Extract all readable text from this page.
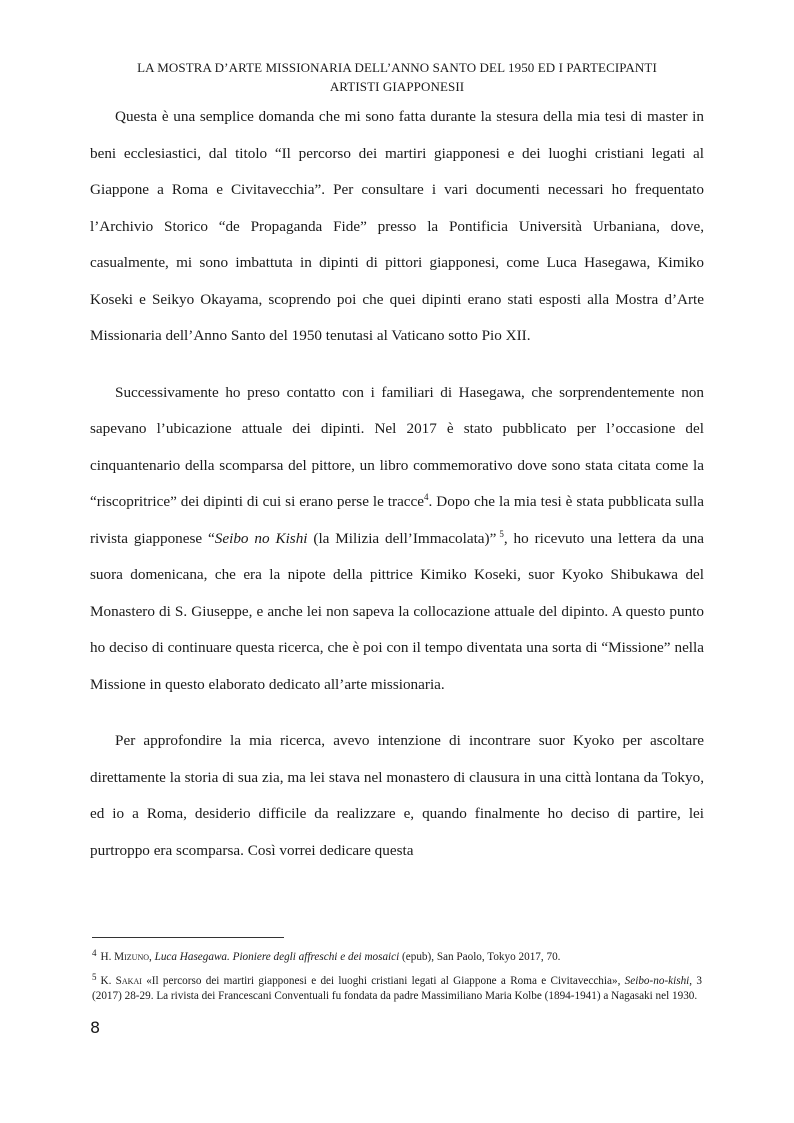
LA MOSTRA D’ARTE MISSIONARIA DELL’ANNO SANTO DEL 1950 ED I PARTECIPANTI
ARTISTI GIAPPONESII

Questa è una semplice domanda che mi sono fatta durante la stesura della mia tesi di master in beni ecclesiastici, dal titolo “Il percorso dei martiri giapponesi e dei luoghi cristiani legati al Giappone a Roma e Civitavecchia”. Per consultare i vari documenti necessari ho frequentato l’Archivio Storico “de Propaganda Fide” presso la Pontificia Università Urbaniana, dove, casualmente, mi sono imbattuta in dipinti di pittori giapponesi, come Luca Hasegawa, Kimiko Koseki e Seikyo Okayama, scoprendo poi che quei dipinti erano stati esposti alla Mostra d’Arte Missionaria dell’Anno Santo del 1950 tenutasi al Vaticano sotto Pio XII.

Successivamente ho preso contatto con i familiari di Hasegawa, che sorprendentemente non sapevano l’ubicazione attuale dei dipinti. Nel 2017 è stato pubblicato per l’occasione del cinquantenario della scomparsa del pittore, un libro commemorativo dove sono stata citata come la “riscopritrice” dei dipinti di cui si erano perse le tracce$^4$. Dopo che la mia tesi è stata pubblicata sulla rivista giapponese “Seibo no Kishi (la Milizia dell’Immacolata)”  $^5$, ho ricevuto una lettera da una suora domenicana, che era la nipote della pittrice Kimiko Koseki, suor Kyoko Shibukawa del Monastero di S. Giuseppe, e anche lei non sapeva la collocazione attuale del dipinto. A questo punto ho deciso di continuare questa ricerca, che è poi con il tempo diventata una sorta di “Missione” nella Missione in questo elaborato dedicato all’arte missionaria.

Per approfondire la mia ricerca, avevo intenzione di incontrare suor Kyoko per ascoltare direttamente la storia di sua zia, ma lei stava nel monastero di clausura in una città lontana da Tokyo, ed io a Roma, desiderio difficile da realizzare e, quando finalmente ho deciso di partire, lei purtroppo era scomparsa. Così vorrei dedicare questa

$^4$ H. Mizuno, Luca Hasegawa. Pioniere degli affreschi e dei mosaici (epub), San Paolo, Tokyo 2017, 70.

$^5$ K. Sakai «Il percorso dei martiri giapponesi e dei luoghi cristiani legati al Giappone a Roma e Civitavecchia», Seibo-no-kishi, 3 (2017) 28-29. La rivista dei Francescani Conventuali fu fondata da padre Massimiliano Maria Kolbe (1894-1941) a Nagasaki nel 1930.

8
